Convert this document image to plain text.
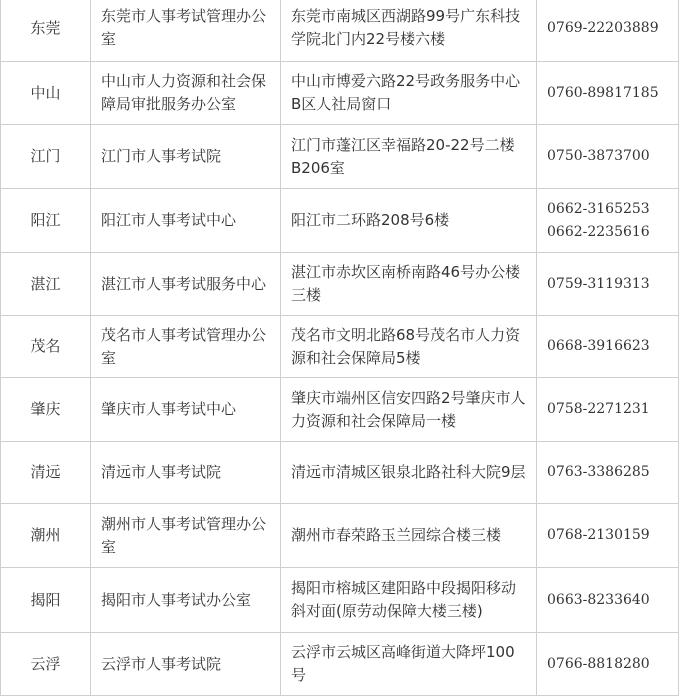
东莞	东莞市人事考试管理办公室	东莞市南城区西湖路99号广东科技学院北门内22号楼六楼	0769-22203889

中山	中山市人力资源和社会保障局审批服务办公室	中山市博爱六路22号政务服务中心B区人社局窗口	0760-89817185

江门	江门市人事考试院	江门市蓬江区幸福路20-22号二楼B206室	0750-3873700

阳江	阳江市人事考试中心	阳江市二环路208号6楼	0662-3165253
0662-2235616

湛江	湛江市人事考试服务中心	湛江市赤坎区南桥南路46号办公楼三楼	0759-3119313

茂名	茂名市人事考试管理办公室	茂名市文明北路68号茂名市人力资源和社会保障局5楼	0668-3916623

肇庆	肇庆市人事考试中心	肇庆市端州区信安四路2号肇庆市人力资源和社会保障局一楼	0758-2271231

清远	清远市人事考试院	清远市清城区银泉北路社科大院9层	0763-3386285

潮州	潮州市人事考试管理办公室	潮州市春荣路玉兰园综合楼三楼	0768-2130159

揭阳	揭阳市人事考试办公室	揭阳市榕城区建阳路中段揭阳移动斜对面(原劳动保障大楼三楼)	0663-8233640

云浮	云浮市人事考试院	云浮市云城区高峰街道大降坪100号	0766-8818280
